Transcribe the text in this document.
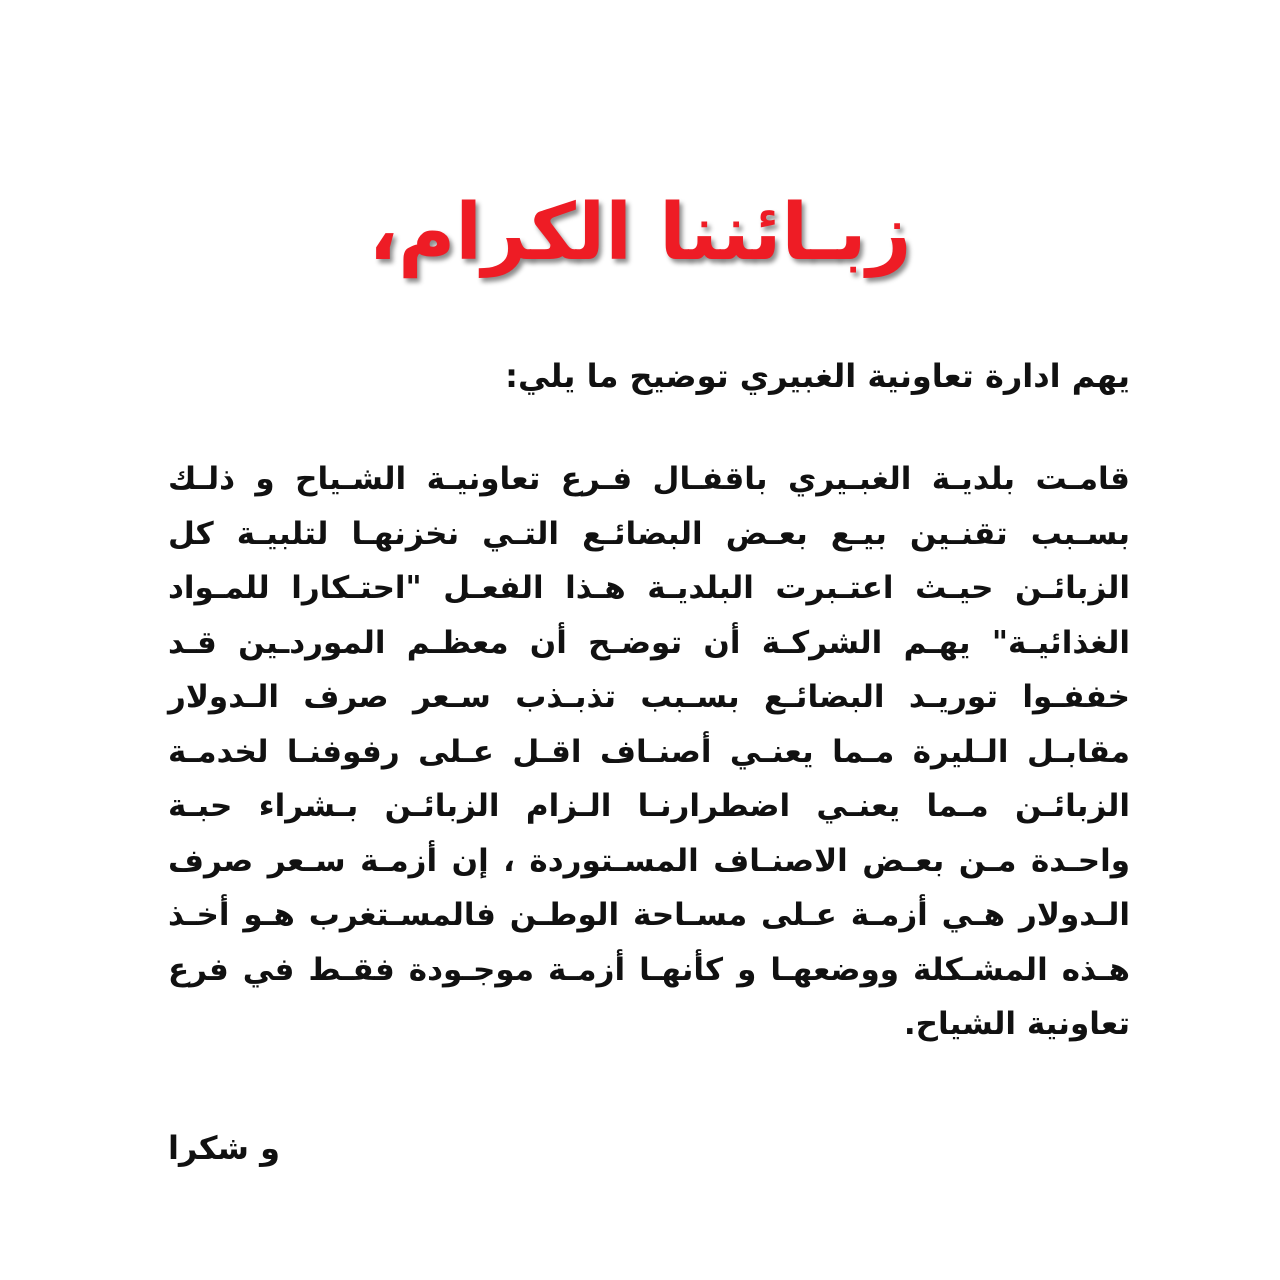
زبـائننا الكرام،

يهم ادارة تعاونية الغبيري توضيح ما يلي:

قامـت بلديـة الغبـيري باقفـال فـرع تعاونيـة الشـياح و ذلـك بسـبب تقنـين بيـع بعـض البضائـع التـي نخزنهـا لتلبيـة كل الزبائـن حيـث اعتـبرت البلديـة هـذا الفعـل "احتـكارا للمـواد الغذائيـة" يهـم الشركـة أن توضـح أن معظـم الموردـين قـد خففـوا توريـد البضائـع بسـبب تذبـذب سـعر صرف الـدولار مقابـل الـليرة مـما يعنـي أصنـاف اقـل عـلى رفوفنـا لخدمـة الزبائـن مـما يعنـي اضطرارنـا الـزام الزبائـن بـشراء حبـة واحـدة مـن بعـض الاصنـاف المسـتوردة ، إن أزمـة سـعر صرف الـدولار هـي أزمـة عـلى مسـاحة الوطـن فالمسـتغرب هـو أخـذ هـذه المشـكلة ووضعهـا و كأنهـا أزمـة موجـودة فقـط في فرع تعاونية الشياح.

و شكرا
